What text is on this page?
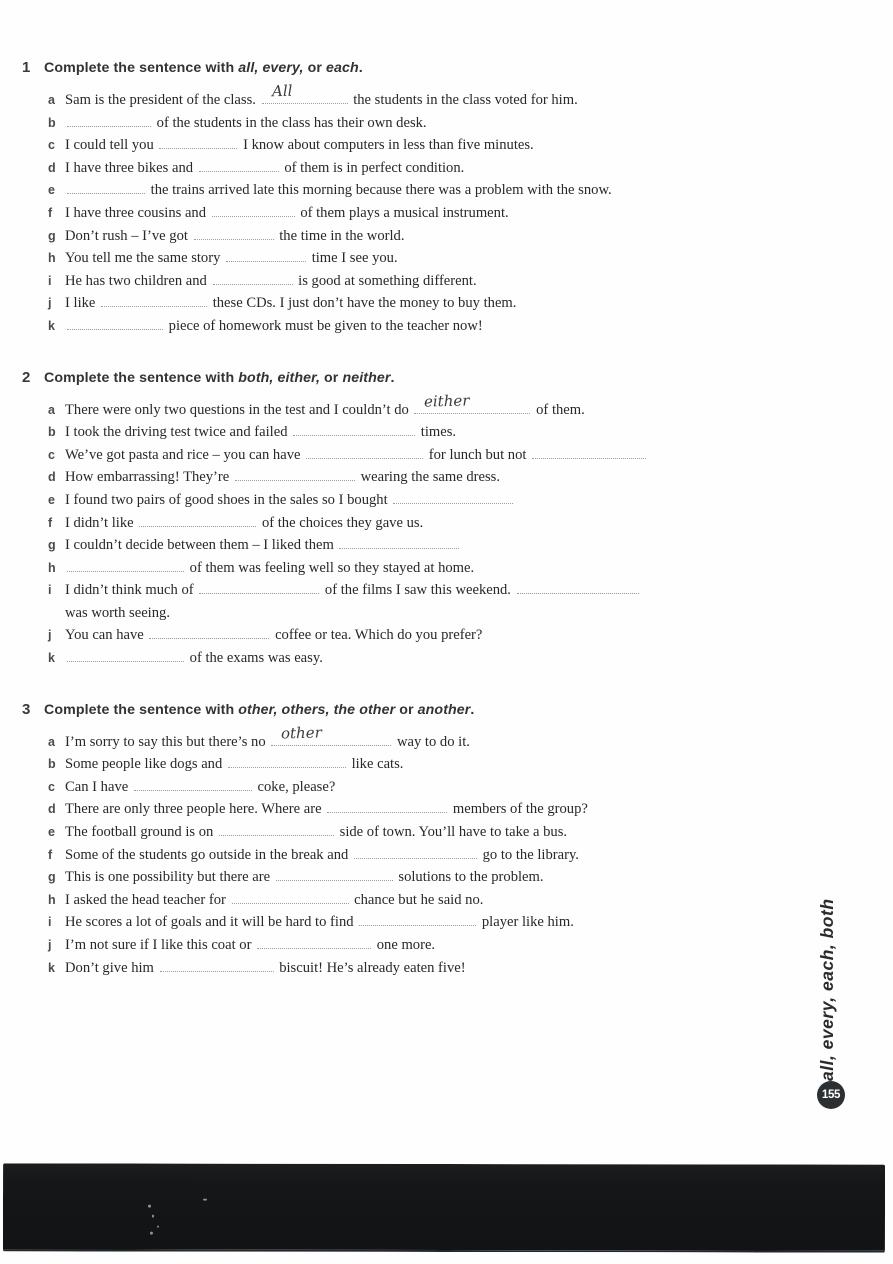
1 Complete the sentence with all, every, or each.
a Sam is the president of the class. All	the students in the class voted for him.
b	of the students in the class has their own desk.
c I could tell you	I know about computers in less than five minutes.
d I have three bikes and	of them is in perfect condition.
e	the trains arrived late this morning because there was a problem with the snow.
f I have three cousins and	of them plays a musical instrument.
g Don’t rush – I’ve got	the time in the world.
h You tell me the same story	time I see you.
i He has two children and	is good at something different.
j I like	these CDs. I just don’t have the money to buy them.
k	piece of homework must be given to the teacher now!
2 Complete the sentence with both, either, or neither.
a There were only two questions in the test and I couldn’t do either	of them.
b I took the driving test twice and failed	times.
c We’ve got pasta and rice – you can have	for lunch but not
d How embarrassing! They’re	wearing the same dress.
e I found two pairs of good shoes in the sales so I bought
f I didn’t like	of the choices they gave us.
g I couldn’t decide between them – I liked them
h	of them was feeling well so they stayed at home.
i I didn’t think much of	of the films I saw this weekend.
was worth seeing.
j You can have	coffee or tea. Which do you prefer?
k	of the exams was easy.
3 Complete the sentence with other, others, the other or another.
a I’m sorry to say this but there’s no other	way to do it.
b Some people like dogs and	like cats.
c Can I have	coke, please?
d There are only three people here. Where are	members of the group?
e The football ground is on	side of town. You’ll have to take a bus.
f Some of the students go outside in the break and	go to the library.
g This is one possibility but there are	solutions to the problem.
h I asked the head teacher for	chance but he said no.
i He scores a lot of goals and it will be hard to find	player like him.
j I’m not sure if I like this coat or	one more.
k Don’t give him	biscuit! He’s already eaten five!	all, every, each, both
155
